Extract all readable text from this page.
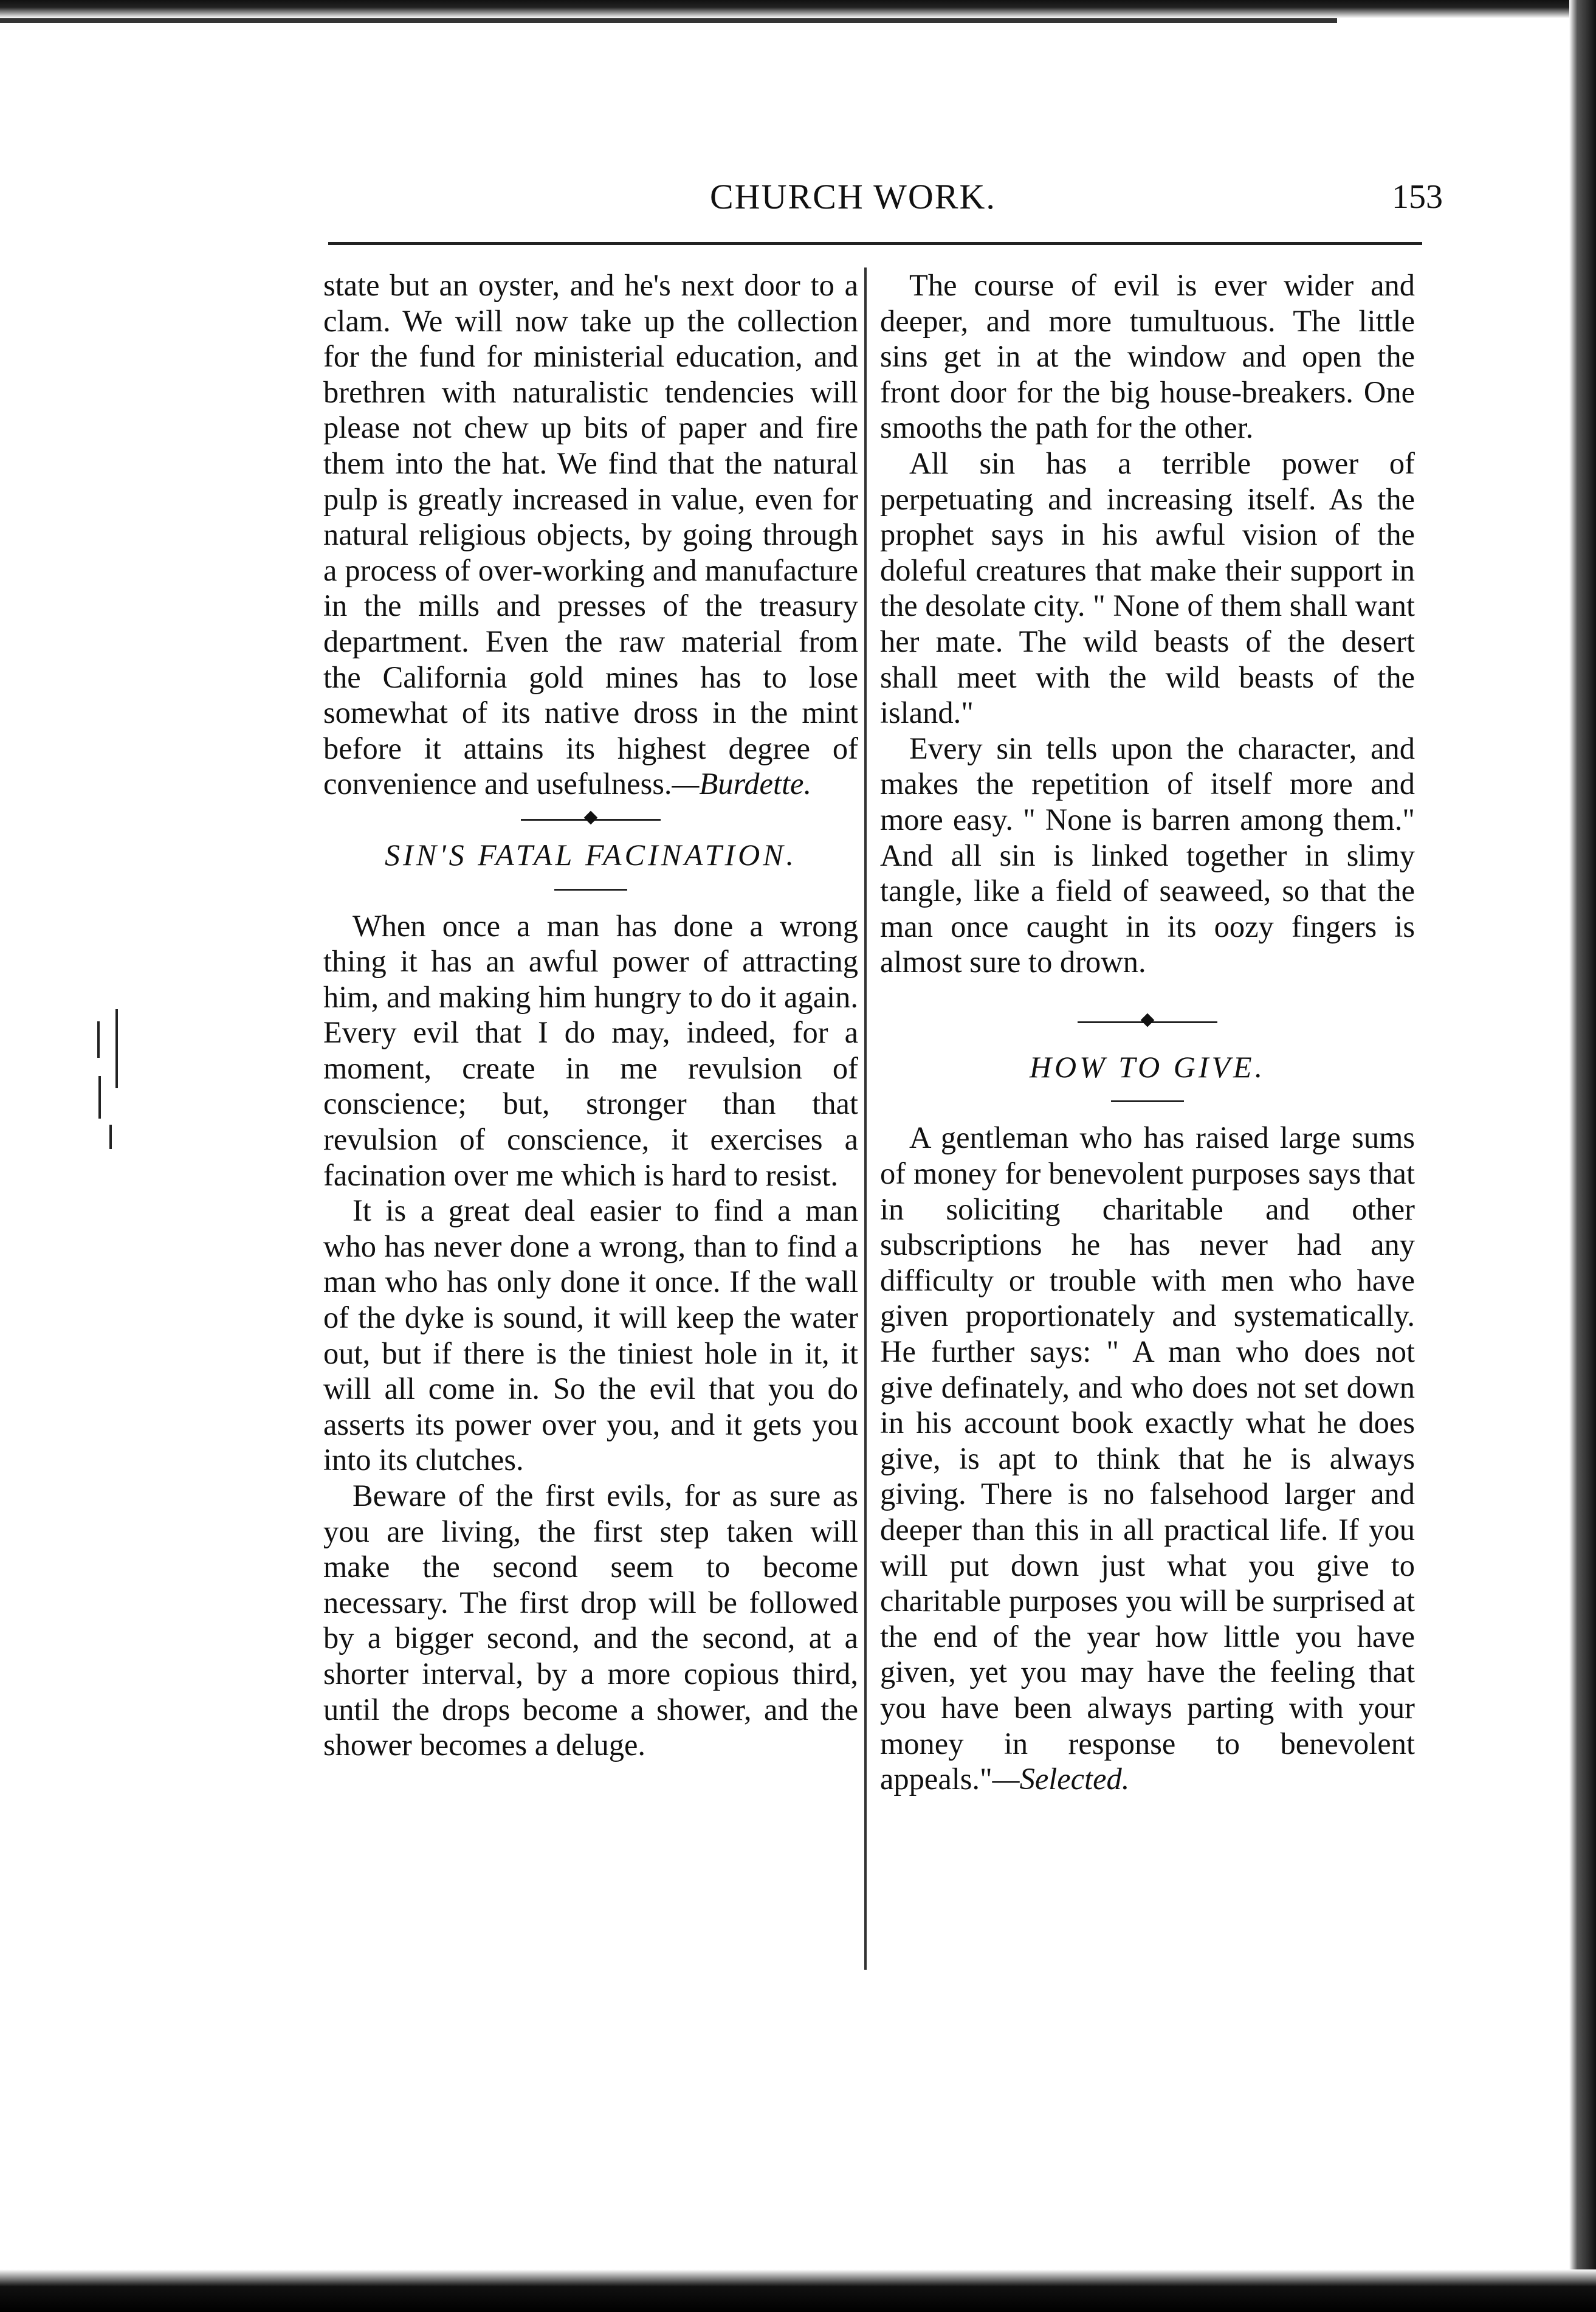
CHURCH WORK.	153

state but an oyster, and he's next door to a clam. We will now take up the collection for the fund for ministerial education, and brethren with naturalistic tendencies will please not chew up bits of paper and fire them into the hat. We find that the natural pulp is greatly increased in value, even for natural religious objects, by going through a process of over-working and manufacture in the mills and presses of the treasury department. Even the raw material from the California gold mines has to lose somewhat of its native dross in the mint before it attains its highest degree of convenience and usefulness.—Burdette.

SIN'S FATAL FACINATION.

When once a man has done a wrong thing it has an awful power of attracting him, and making him hungry to do it again. Every evil that I do may, indeed, for a moment, create in me revulsion of conscience; but, stronger than that revulsion of conscience, it exercises a facination over me which is hard to resist.

It is a great deal easier to find a man who has never done a wrong, than to find a man who has only done it once. If the wall of the dyke is sound, it will keep the water out, but if there is the tiniest hole in it, it will all come in. So the evil that you do asserts its power over you, and it gets you into its clutches.

Beware of the first evils, for as sure as you are living, the first step taken will make the second seem to become necessary. The first drop will be followed by a bigger second, and the second, at a shorter interval, by a more copious third, until the drops become a shower, and the shower becomes a deluge.

The course of evil is ever wider and deeper, and more tumultuous. The little sins get in at the window and open the front door for the big house-breakers. One smooths the path for the other.

All sin has a terrible power of perpetuating and increasing itself. As the prophet says in his awful vision of the doleful creatures that make their support in the desolate city. " None of them shall want her mate. The wild beasts of the desert shall meet with the wild beasts of the island."

Every sin tells upon the character, and makes the repetition of itself more and more easy. " None is barren among them." And all sin is linked together in slimy tangle, like a field of seaweed, so that the man once caught in its oozy fingers is almost sure to drown.

HOW TO GIVE.

A gentleman who has raised large sums of money for benevolent purposes says that in soliciting charitable and other subscriptions he has never had any difficulty or trouble with men who have given proportionately and systematically. He further says: " A man who does not give definately, and who does not set down in his account book exactly what he does give, is apt to think that he is always giving. There is no falsehood larger and deeper than this in all practical life. If you will put down just what you give to charitable purposes you will be surprised at the end of the year how little you have given, yet you may have the feeling that you have been always parting with your money in response to benevolent appeals."—Selected.
